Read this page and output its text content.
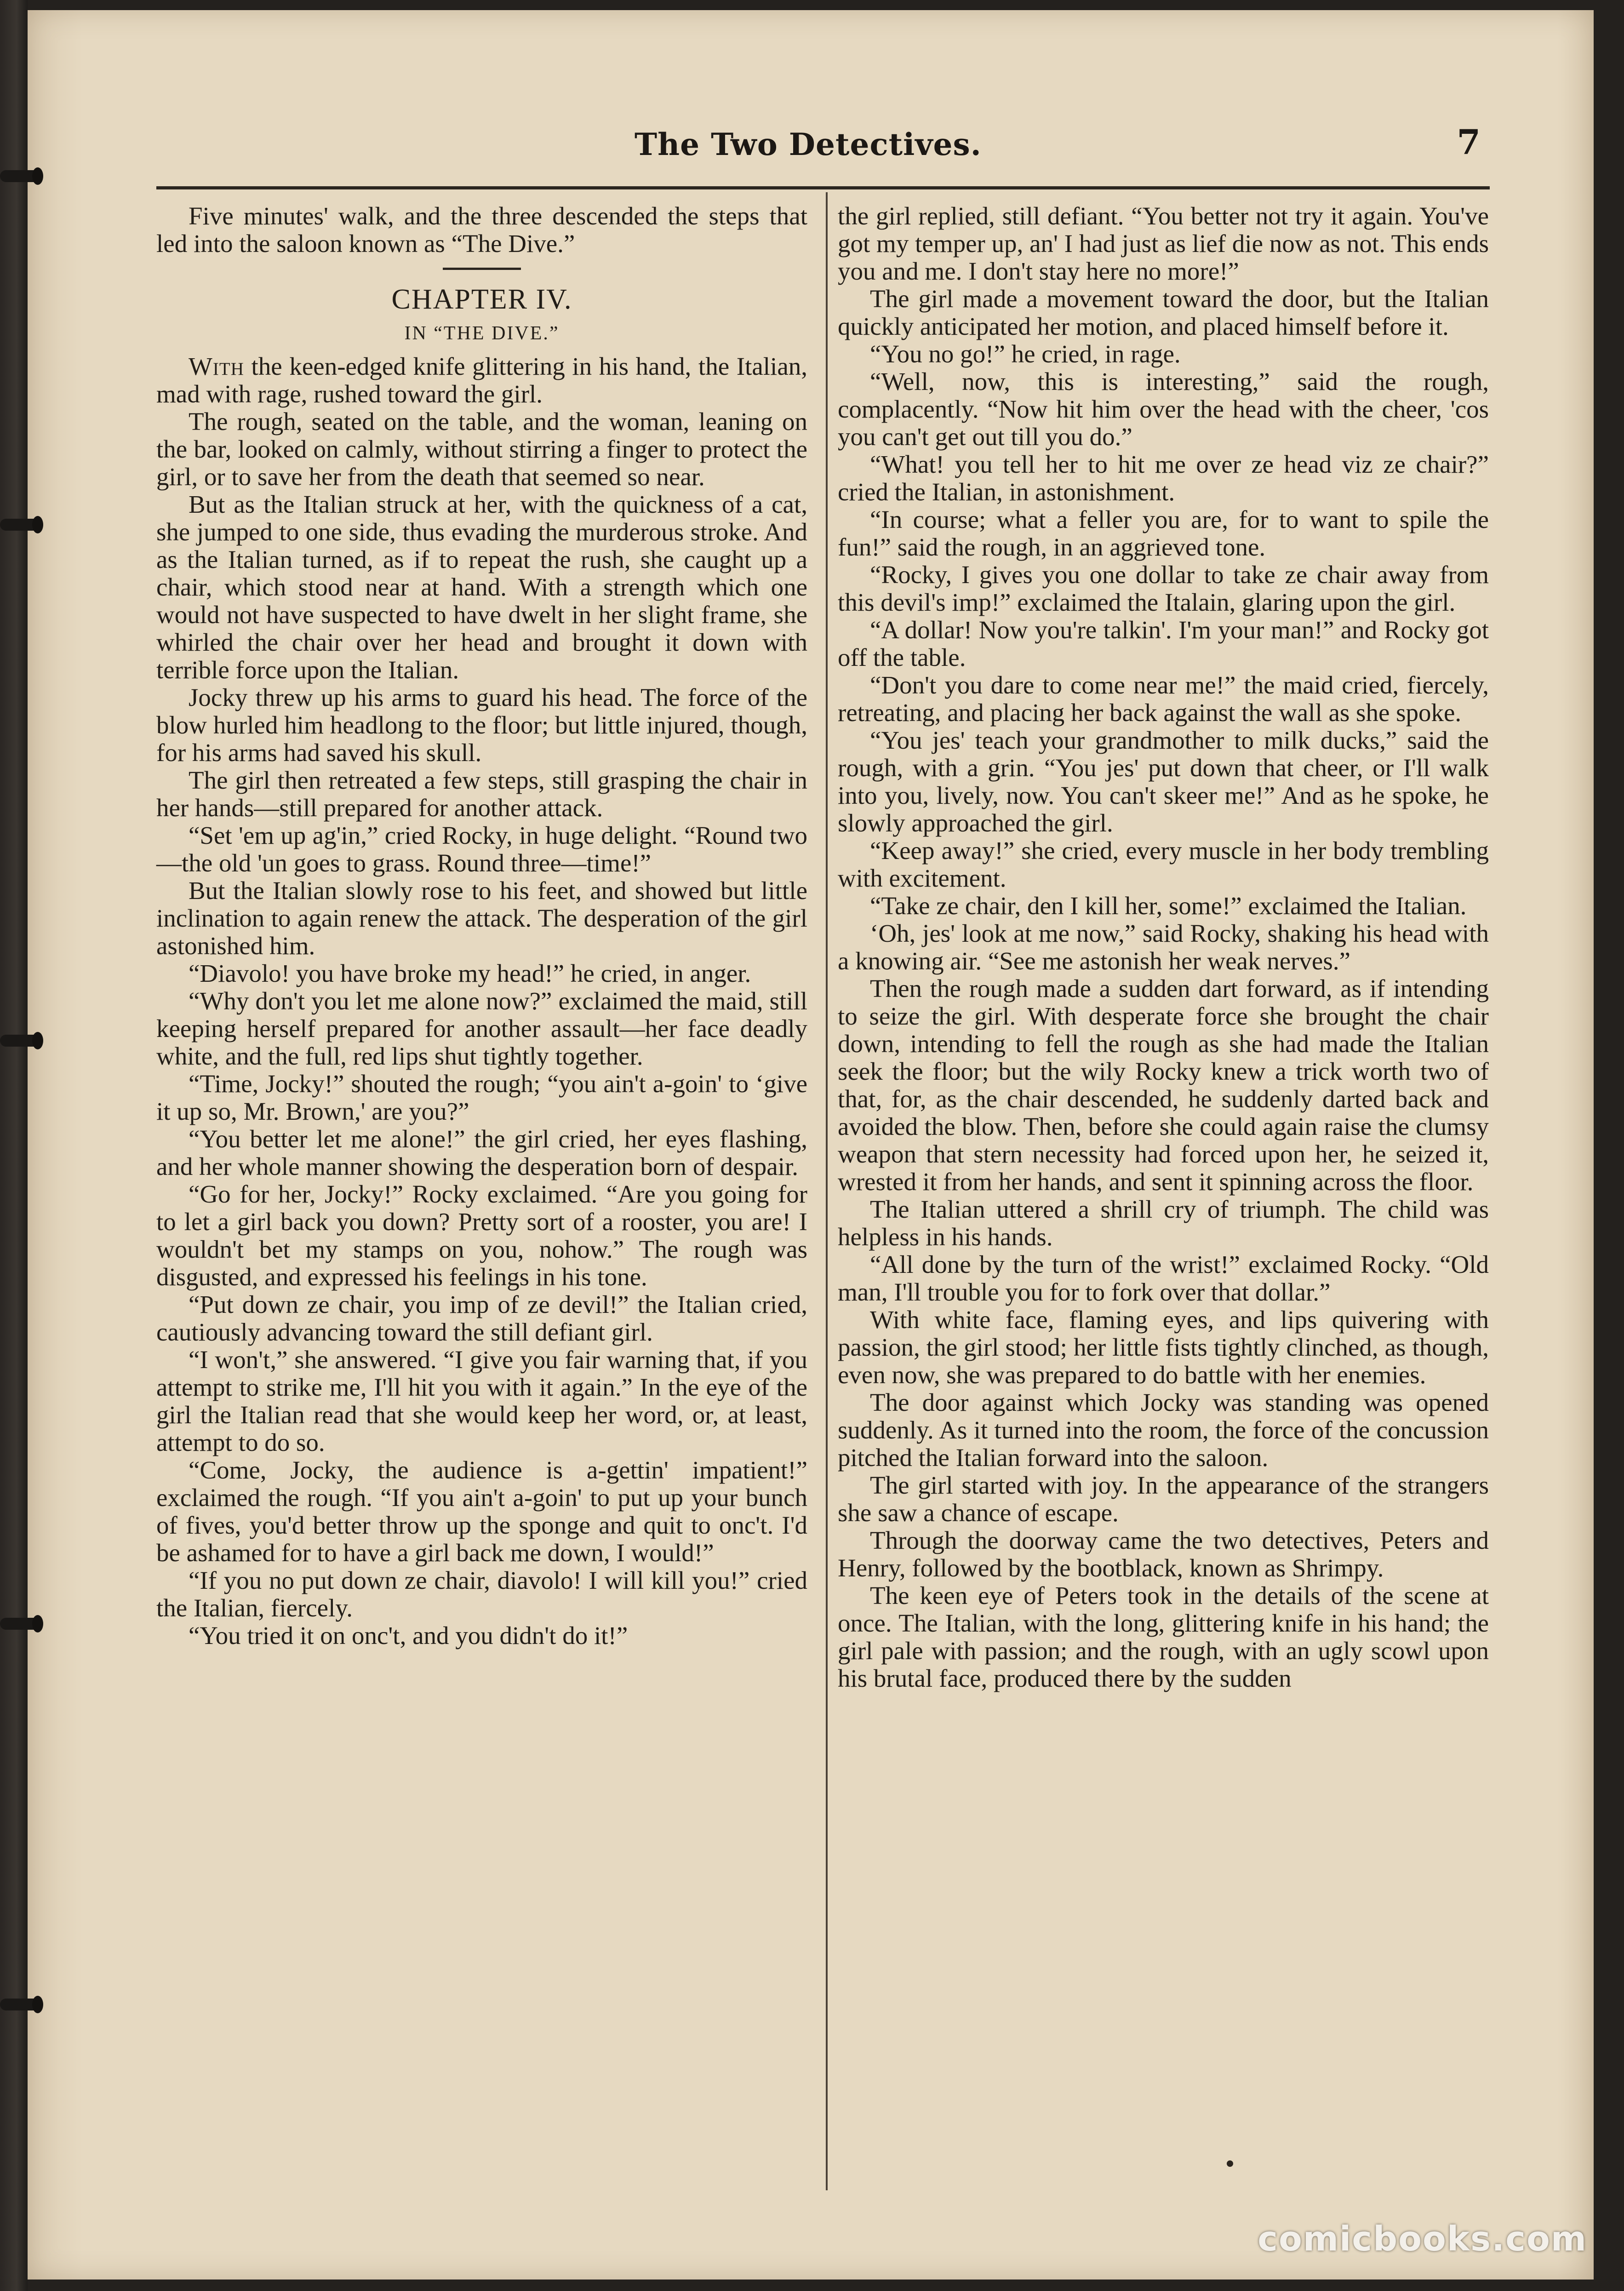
The Two Detectives.	7

Five minutes' walk, and the three descended the steps that led into the saloon known as “The Dive.”

CHAPTER IV.
IN “THE DIVE.”

With the keen-edged knife glittering in his hand, the Italian, mad with rage, rushed toward the girl.

The rough, seated on the table, and the woman, leaning on the bar, looked on calmly, without stirring a finger to protect the girl, or to save her from the death that seemed so near.

But as the Italian struck at her, with the quickness of a cat, she jumped to one side, thus evading the murderous stroke. And as the Italian turned, as if to repeat the rush, she caught up a chair, which stood near at hand. With a strength which one would not have suspected to have dwelt in her slight frame, she whirled the chair over her head and brought it down with terrible force upon the Italian.

Jocky threw up his arms to guard his head. The force of the blow hurled him headlong to the floor; but little injured, though, for his arms had saved his skull.

The girl then retreated a few steps, still grasping the chair in her hands—still prepared for another attack.

“Set 'em up ag'in,” cried Rocky, in huge delight. “Round two—the old 'un goes to grass. Round three—time!”

But the Italian slowly rose to his feet, and showed but little inclination to again renew the attack. The desperation of the girl astonished him.

“Diavolo! you have broke my head!” he cried, in anger.

“Why don't you let me alone now?” exclaimed the maid, still keeping herself prepared for another assault—her face deadly white, and the full, red lips shut tightly together.

“Time, Jocky!” shouted the rough; “you ain't a-goin' to ‘give it up so, Mr. Brown,' are you?”

“You better let me alone!” the girl cried, her eyes flashing, and her whole manner showing the desperation born of despair.

“Go for her, Jocky!” Rocky exclaimed. “Are you going for to let a girl back you down? Pretty sort of a rooster, you are! I wouldn't bet my stamps on you, nohow.” The rough was disgusted, and expressed his feelings in his tone.

“Put down ze chair, you imp of ze devil!” the Italian cried, cautiously advancing toward the still defiant girl.

“I won't,” she answered. “I give you fair warning that, if you attempt to strike me, I'll hit you with it again.” In the eye of the girl the Italian read that she would keep her word, or, at least, attempt to do so.

“Come, Jocky, the audience is a-gettin' impatient!” exclaimed the rough. “If you ain't a-goin' to put up your bunch of fives, you'd better throw up the sponge and quit to onc't. I'd be ashamed for to have a girl back me down, I would!”

“If you no put down ze chair, diavolo! I will kill you!” cried the Italian, fiercely.

“You tried it on onc't, and you didn't do it!”

the girl replied, still defiant. “You better not try it again. You've got my temper up, an' I had just as lief die now as not. This ends you and me. I don't stay here no more!”

The girl made a movement toward the door, but the Italian quickly anticipated her motion, and placed himself before it.

“You no go!” he cried, in rage.

“Well, now, this is interesting,” said the rough, complacently. “Now hit him over the head with the cheer, 'cos you can't get out till you do.”

“What! you tell her to hit me over ze head viz ze chair?” cried the Italian, in astonishment.

“In course; what a feller you are, for to want to spile the fun!” said the rough, in an aggrieved tone.

“Rocky, I gives you one dollar to take ze chair away from this devil's imp!” exclaimed the Italain, glaring upon the girl.

“A dollar! Now you're talkin'. I'm your man!” and Rocky got off the table.

“Don't you dare to come near me!” the maid cried, fiercely, retreating, and placing her back against the wall as she spoke.

“You jes' teach your grandmother to milk ducks,” said the rough, with a grin. “You jes' put down that cheer, or I'll walk into you, lively, now. You can't skeer me!” And as he spoke, he slowly approached the girl.

“Keep away!” she cried, every muscle in her body trembling with excitement.

“Take ze chair, den I kill her, some!” exclaimed the Italian.

‘Oh, jes' look at me now,” said Rocky, shaking his head with a knowing air. “See me astonish her weak nerves.”

Then the rough made a sudden dart forward, as if intending to seize the girl. With desperate force she brought the chair down, intending to fell the rough as she had made the Italian seek the floor; but the wily Rocky knew a trick worth two of that, for, as the chair descended, he suddenly darted back and avoided the blow. Then, before she could again raise the clumsy weapon that stern necessity had forced upon her, he seized it, wrested it from her hands, and sent it spinning across the floor.

The Italian uttered a shrill cry of triumph. The child was helpless in his hands.

“All done by the turn of the wrist!” exclaimed Rocky. “Old man, I'll trouble you for to fork over that dollar.”

With white face, flaming eyes, and lips quivering with passion, the girl stood; her little fists tightly clinched, as though, even now, she was prepared to do battle with her enemies.

The door against which Jocky was standing was opened suddenly. As it turned into the room, the force of the concussion pitched the Italian forward into the saloon.

The girl started with joy. In the appearance of the strangers she saw a chance of escape.

Through the doorway came the two detectives, Peters and Henry, followed by the bootblack, known as Shrimpy.

The keen eye of Peters took in the details of the scene at once. The Italian, with the long, glittering knife in his hand; the girl pale with passion; and the rough, with an ugly scowl upon his brutal face, produced there by the sudden

comicbooks.com
